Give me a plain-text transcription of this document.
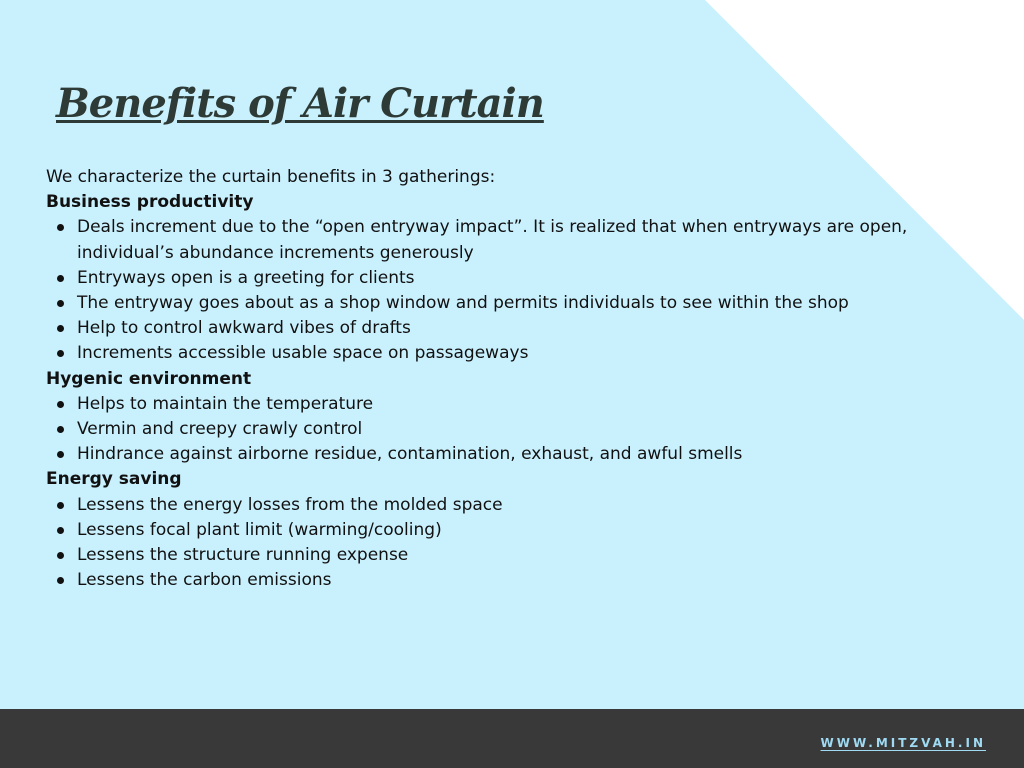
Benefits of Air Curtain

We characterize the curtain benefits in 3 gatherings:

Business productivity

Deals increment due to the “open entryway impact”. It is realized that when entryways are open, individual’s abundance increments generously
Entryways open is a greeting for clients
The entryway goes about as a shop window and permits individuals to see within the shop
Help to control awkward vibes of drafts
Increments accessible usable space on passageways

Hygenic environment

Helps to maintain the temperature
Vermin and creepy crawly control
Hindrance against airborne residue, contamination, exhaust, and awful smells

Energy saving

Lessens the energy losses from the molded space
Lessens focal plant limit (warming/cooling)
Lessens the structure running expense
Lessens the carbon emissions
WWW.MITZVAH.IN
